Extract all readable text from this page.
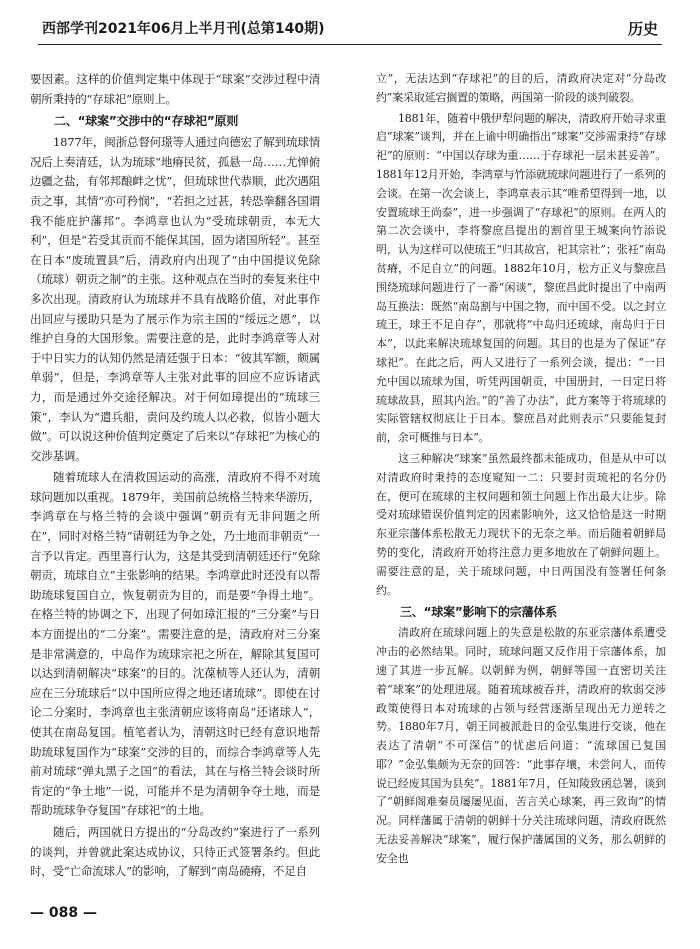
西部学刊2021年06月上半月刊(总第140期)	历史

要因素。这样的价值判定集中体现于“球案”交涉过程中清朝所秉持的“存球祀”原则上。

二、“球案”交涉中的“存球祀”原则

1877年，闽浙总督何璟等人通过向德宏了解到琉球情况后上奏清廷，认为琉球“地瘠民贫，孤悬一岛……尤惮俯边疆之盐，有邻邦酿衅之忧”，但琉球世代恭顺，此次遇阻贡之事，其情“亦可矜悯”，“若担之过甚，转恐拳翻各国谓我不能庇护藩邦”。李鸿章也认为“受琉球朝贡，本无大利”，但是“若受其贡而不能保其国，固为诸国所轻”。甚至在日本“废琉置县”后，清政府内出现了“由中国提议免除（琉球）朝贡之制”的主张。这种观点在当时的奏复来往中多次出现。清政府认为琉球并不具有战略价值，对此事作出回应与援助只是为了展示作为宗主国的“绥远之恩”，以维护自身的大国形象。需要注意的是，此时李鸿章等人对于中日实力的认知仍然是清廷强于日本：“彼其军额，颇属单弱”，但是，李鸿章等人主张对此事的回应不应诉诸武力，而是通过外交途径解决。对于何如璋提出的“琉球三策”，李认为“遣兵船，责问及约琉人以必救，似皆小题大做”。可以说这种价值判定奠定了后来以“存球祀”为核心的交涉基调。

随着琉球人在清救国运动的高涨，清政府不得不对琉球问题加以重视。1879年，美国前总统格兰特来华游历，李鸿章在与格兰特的会谈中强调“朝贡有无非问题之所在”，同时对格兰特“请朝廷为争之处，乃土地而非朝贡”一言予以肯定。西里喜行认为，这是其受到清朝廷还行“免除朝贡，琉球自立”主张影响的结果。李鸿章此时还没有以帮助琉球复国自立，恢复朝贡为目的，而是要“争得土地”。在格兰特的协调之下，出现了何如璋汇报的“三分案”与日本方面提出的“二分案”。需要注意的是，清政府对三分案是非常满意的，中岛作为琉球宗祀之所在，解除其复国可以达到清朝解决“球案”的目的。沈葆桢等人还认为，清朝应在三分琉球后“以中国所应得之地还诸琉球”。即使在讨论二分案时，李鸿章也主张清朝应该将南岛“还诸球人”，使其在南岛复国。植笔者认为，清朝这时已经有意识地帮助琉球复国作为“球案”交涉的目的，而综合李鸿章等人先前对琉球“弹丸黑子之国”的看法，其在与格兰特会谈时所肯定的“争土地”一说，可能并不是为清朝争夺土地，而是帮助琉球争夺复国“存球祀”的土地。

随后，两国就日方提出的“分岛改约”案进行了一系列的谈判，并曾就此案达成协议，只待正式签署条约。但此时，受“亡命流球人”的影响，了解到“南岛磽瘠，不足自

立”，无法达到“存球祀”的目的后，清政府决定对“分岛改约”案采取延宕搁置的策略，两国第一阶段的谈判破裂。

1881年，随着中俄伊犁问题的解决，清政府开始寻求重启“球案”谈判，并在上谕中明确指出“球案”交涉需秉持“存球祀”的原则：“中国以存球为重……于存球祀一层未甚妥善”。1881年12月开始，李鸿章与竹添就琉球问题进行了一系列的会谈。在第一次会谈上，李鸿章表示其“唯希望得到一地，以安置琉球王尚泰”，进一步强调了“存球祀”的原则。在两人的第二次会谈中，李将黎庶昌提出的割首里王城案向竹添说明，认为这样可以使琉王“归其故宫，祀其宗社”；张衽“南岛贫瘠，不足自立”的问题。1882年10月，松方正义与黎庶昌围绕琉球问题进行了一番“闲谈”，黎庶昌此时提出了中南两岛互换法：既然“南岛割与中国之物，而中国不受。以之封立琉王，球王不足自存”，那就将“中岛归还琉球，南岛归于日本”，以此来解决琉球复国的问题。其目的也是为了保证“存球祀”。在此之后，两人又进行了一系列会谈，提出：“一日允中国以琉球为国，听凭两国朝贡，中国册封，一日定日将琉球故县，照其内治。”的“善了办法”，此方案等于将琉球的实际管辖权彻底让于日本。黎庶昌对此则表示“只要能复封前，余可概推与日本”。

这三种解决“球案”虽然最终都未能成功，但是从中可以对清政府时秉持的态度窥知一二：只要封贡琉祀的名分仍在，便可在琉球的主权问题和领土问题上作出最大让步。除受对琉球错误价值判定的因素影响外，这又恰恰是这一时期东亚宗藩体系松散无力现状下的无奈之举。而后随着朝鲜局势的变化，清政府开始将注意力更多地放在了朝鲜问题上。需要注意的是，关于琉球问题，中日两国没有签署任何条约。

三、“球案”影响下的宗藩体系

清政府在琉球问题上的失意是松散的东亚宗藩体系遭受冲击的必然结果。同时，琉球问题又反作用于宗藩体系，加速了其进一步瓦解。以朝鲜为例，朝鲜等国一直密切关注着“球案”的处理进展。随着琉球被吞并，清政府的软弱交涉政策使得日本对琉球的占领与经营逐渐呈现出无力逆转之势。1880年7月，朝王同被派赴日的金弘集进行交谈，他在表达了清朝“不可深信”的忧虑后问道：“流球国已复国耶？”金弘集颇为无奈的回答：“此事存壤，未尝问人，而传说已经废其国为县矣”。1881年7月，任知陵致函总署，谈到了“朝鲜阁难秦员屡屡见面，苦言关心球案，再三致询”的情况。同样藩属于清朝的朝鲜十分关注琉球问题，清政府既然无法妥善解决“球案”，履行保护藩属国的义务，那么朝鲜的安全也

— 088 —
